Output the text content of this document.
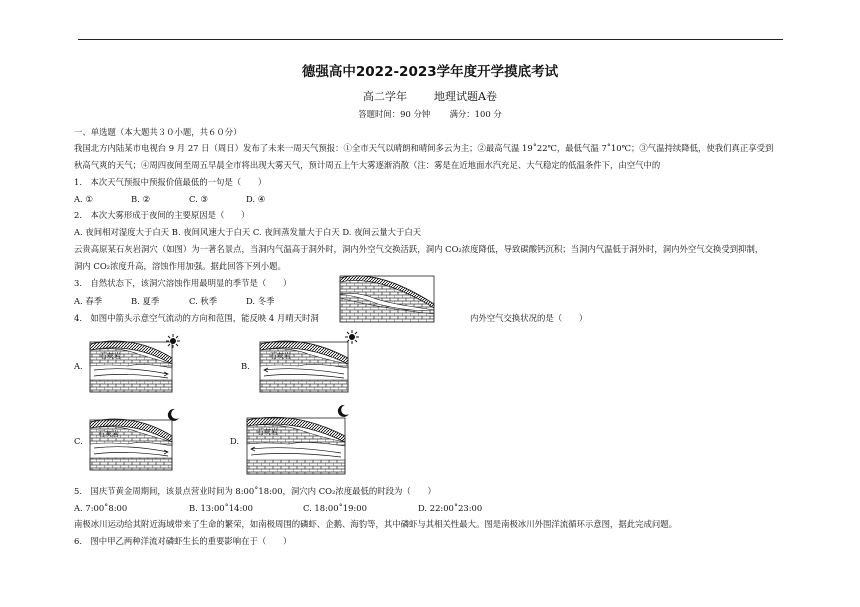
德强高中2022-2023学年度开学摸底考试
高二学年 地理试题A卷
答题时间：90 分钟 满分：100 分
一、单选题（本大题共３０小题，共６０分）
我国北方内陆某市电视台 9 月 27 日（周日）发布了未来一周天气预报：①全市天气以晴朗和晴间多云为主；②最高气温 19˚22℃，最低气温 7˚10℃；③气温持续降低，使我们真正享受到
秋高气爽的天气；④周四夜间至周五早晨全市将出现大雾天气，预计周五上午大雾逐渐消散（注：雾是在近地面水汽充足、大气稳定的低温条件下，由空气中的
1.　本次天气预报中预报价值最低的一句是（　　）
A. ①	B. ②	C. ③	D. ④
2.　本次大雾形成于夜间的主要原因是（　　）
A. 夜间相对湿度大于白天 B. 夜间风速大于白天 C. 夜间蒸发量大于白天 D. 夜间云量大于白天
云贵高原某石灰岩洞穴（如图）为一著名景点，当洞内气温高于洞外时，洞内外空气交换活跃，洞内 CO₂浓度降低，导致碳酸钙沉积；当洞内气温低于洞外时，洞内外空气交换受到抑制，
洞内 CO₂浓度升高，溶蚀作用加强。据此回答下列小题。
3.　自然状态下，该洞穴溶蚀作用最明显的季节是（　　）
A. 春季	B. 夏季	C. 秋季	D. 冬季
4.　如图中箭头示意空气流动的方向和范围，能反映 4 月晴天时洞	内外空气交换状况的是（　　）
A.
石灰岩
B.
石灰岩
C.
石灰岩
D.
石灰岩
5.　国庆节黄金周期间，该景点营业时间为 8:00˚18:00，洞穴内 CO₂浓度最低的时段为（　　）
A. 7:00˚8:00	B. 13:00˚14:00	C. 18:00˚19:00	D. 22:00˚23:00
南极冰川运动给其附近海域带来了生命的繁荣，如南极周围的磷虾、企鹅、海豹等，其中磷虾与其相关性最大。图是南极冰川外围洋流循环示意图，据此完成问题。
6.　图中甲乙两种洋流对磷虾生长的重要影响在于（　　）
